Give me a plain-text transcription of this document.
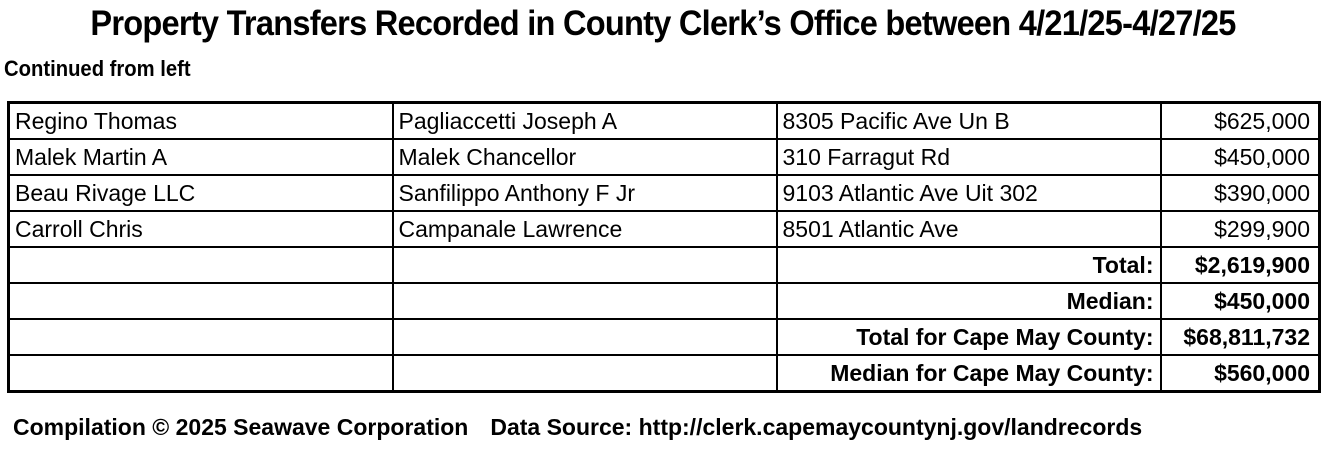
Property Transfers Recorded in County Clerk’s Office between 4/21/25-4/27/25
Continued from left
Regino Thomas	Pagliaccetti Joseph A	8305 Pacific Ave Un B	$625,000
Malek Martin A	Malek Chancellor	310 Farragut Rd	$450,000
Beau Rivage LLC	Sanfilippo Anthony F Jr	9103 Atlantic Ave Uit 302	$390,000
Carroll Chris	Campanale Lawrence	8501 Atlantic Ave	$299,900
		Total:	$2,619,900
		Median:	$450,000
		Total for Cape May County:	$68,811,732
		Median for Cape May County:	$560,000
Compilation © 2025 Seawave Corporation Data Source: http://clerk.capemaycountynj.gov/landrecords
